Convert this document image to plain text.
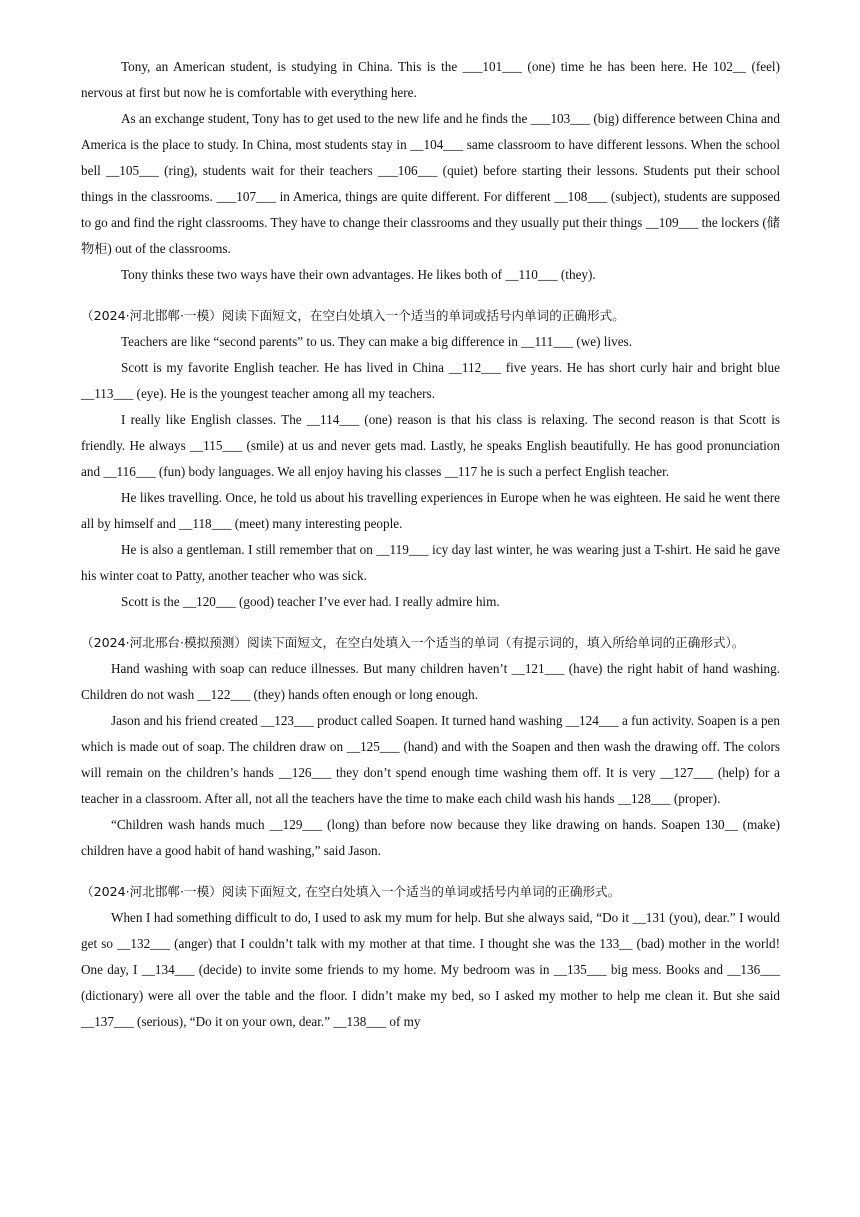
Tony, an American student, is studying in China. This is the ___101___ (one) time he has been here. He 102__ (feel) nervous at first but now he is comfortable with everything here.

As an exchange student, Tony has to get used to the new life and he finds the ___103___ (big) difference between China and America is the place to study. In China, most students stay in __104___ same classroom to have different lessons. When the school bell __105___ (ring), students wait for their teachers ___106___ (quiet) before starting their lessons. Students put their school things in the classrooms. ___107___ in America, things are quite different. For different __108___ (subject), students are supposed to go and find the right classrooms. They have to change their classrooms and they usually put their things __109___ the lockers (储物柜) out of the classrooms.

Tony thinks these two ways have their own advantages. He likes both of __110___ (they).

（2024·河北邯郸·一模）阅读下面短文，在空白处填入一个适当的单词或括号内单词的正确形式。

Teachers are like “second parents” to us. They can make a big difference in __111___ (we) lives.

Scott is my favorite English teacher. He has lived in China __112___ five years. He has short curly hair and bright blue __113___ (eye). He is the youngest teacher among all my teachers.

I really like English classes. The __114___ (one) reason is that his class is relaxing. The second reason is that Scott is friendly. He always __115___ (smile) at us and never gets mad. Lastly, he speaks English beautifully. He has good pronunciation and __116___ (fun) body languages. We all enjoy having his classes __117 he is such a perfect English teacher.

He likes travelling. Once, he told us about his travelling experiences in Europe when he was eighteen. He said he went there all by himself and __118___ (meet) many interesting people.

He is also a gentleman. I still remember that on __119___ icy day last winter, he was wearing just a T-shirt. He said he gave his winter coat to Patty, another teacher who was sick.

Scott is the __120___ (good) teacher I’ve ever had. I really admire him.

（2024·河北邢台·模拟预测）阅读下面短文，在空白处填入一个适当的单词（有提示词的，填入所给单词的正确形式）。

Hand washing with soap can reduce illnesses. But many children haven’t __121___ (have) the right habit of hand washing. Children do not wash __122___ (they) hands often enough or long enough.

Jason and his friend created __123___ product called Soapen. It turned hand washing __124___ a fun activity. Soapen is a pen which is made out of soap. The children draw on __125___ (hand) and with the Soapen and then wash the drawing off. The colors will remain on the children’s hands __126___ they don’t spend enough time washing them off. It is very __127___ (help) for a teacher in a classroom. After all, not all the teachers have the time to make each child wash his hands __128___ (proper).

“Children wash hands much __129___ (long) than before now because they like drawing on hands. Soapen 130__ (make) children have a good habit of hand washing,” said Jason.

（2024·河北邯郸·一模）阅读下面短文, 在空白处填入一个适当的单词或括号内单词的正确形式。

When I had something difficult to do, I used to ask my mum for help. But she always said, “Do it __131 (you), dear.” I would get so __132___ (anger) that I couldn’t talk with my mother at that time. I thought she was the 133__ (bad) mother in the world! One day, I __134___ (decide) to invite some friends to my home. My bedroom was in __135___ big mess. Books and __136___ (dictionary) were all over the table and the floor. I didn’t make my bed, so I asked my mother to help me clean it. But she said __137___ (serious), “Do it on your own, dear.” __138___ of my
